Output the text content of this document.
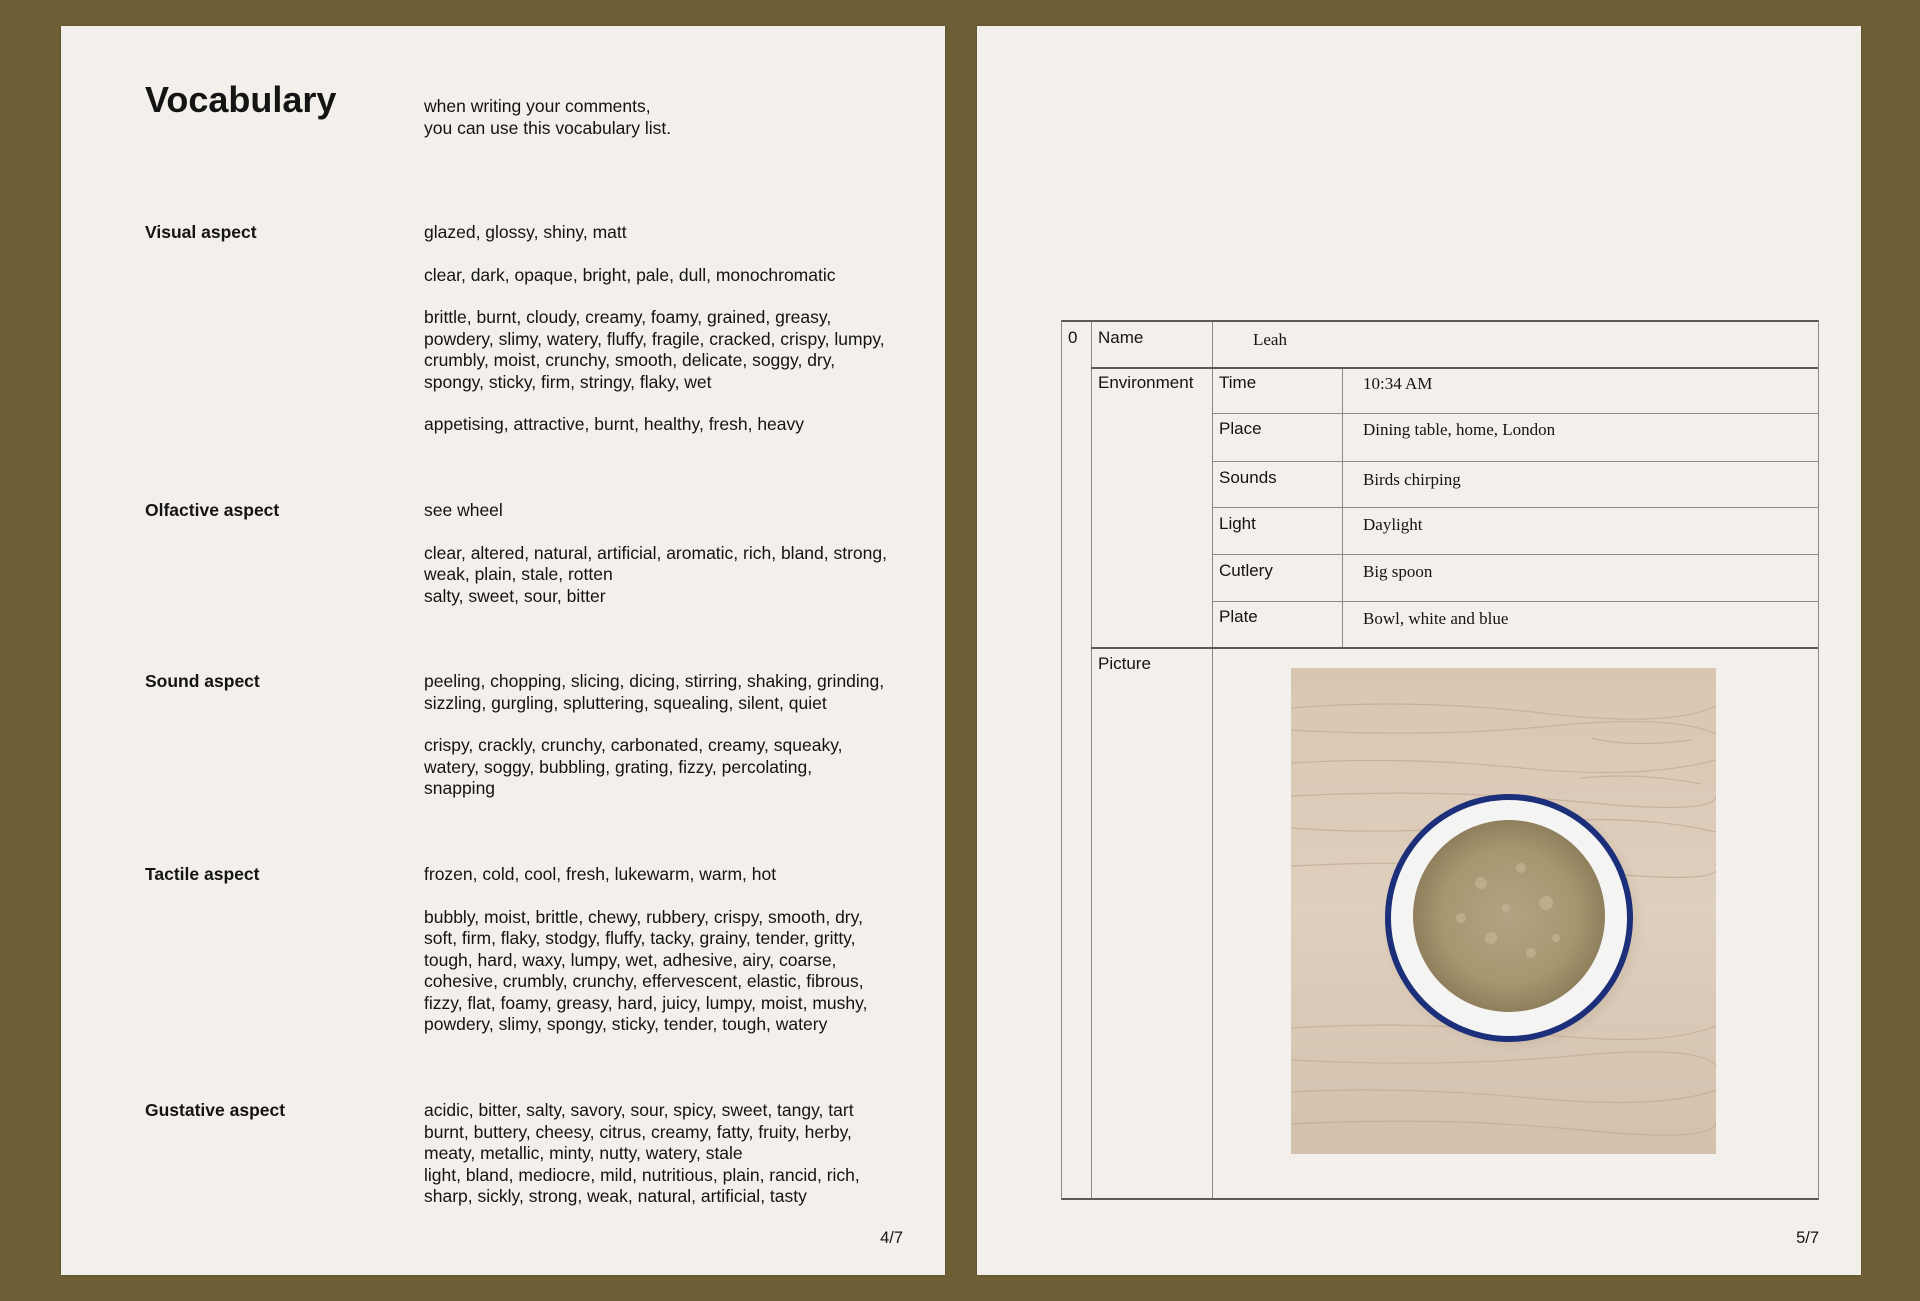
Vocabulary	when writing your comments,
you can use this vocabulary list.
Visual aspect	glazed, glossy, shiny, matt

clear, dark, opaque, bright, pale, dull, monochromatic

brittle, burnt, cloudy, creamy, foamy, grained, greasy,
powdery, slimy, watery, fluffy, fragile, cracked, crispy, lumpy,
crumbly, moist, crunchy, smooth, delicate, soggy, dry,
spongy, sticky, firm, stringy, flaky, wet

appetising, attractive, burnt, healthy, fresh, heavy

Olfactive aspect	see wheel

clear, altered, natural, artificial, aromatic, rich, bland, strong,
weak, plain, stale, rotten
salty, sweet, sour, bitter

Sound aspect	peeling, chopping, slicing, dicing, stirring, shaking, grinding,
sizzling, gurgling, spluttering, squealing, silent, quiet

crispy, crackly, crunchy, carbonated, creamy, squeaky,
watery, soggy, bubbling, grating, fizzy, percolating,
snapping

Tactile aspect	frozen, cold, cool, fresh, lukewarm, warm, hot

bubbly, moist, brittle, chewy, rubbery, crispy, smooth, dry,
soft, firm, flaky, stodgy, fluffy, tacky, grainy, tender, gritty,
tough, hard, waxy, lumpy, wet, adhesive, airy, coarse,
cohesive, crumbly, crunchy, effervescent, elastic, fibrous,
fizzy, flat, foamy, greasy, hard, juicy, lumpy, moist, mushy,
powdery, slimy, spongy, sticky, tender, tough, watery

Gustative aspect	acidic, bitter, salty, savory, sour, spicy, sweet, tangy, tart
burnt, buttery, cheesy, citrus, creamy, fatty, fruity, herby,
meaty, metallic, minty, nutty, watery, stale
light, bland, mediocre, mild, nutritious, plain, rancid, rich,
sharp, sickly, strong, weak, natural, artificial, tasty

4/7
0 Name	Leah
Environment Time	10:34 AM
Place	Dining table, home, London
Sounds	Birds chirping
Light	Daylight
Cutlery	Big spoon
Plate	Bowl, white and blue
Picture
5/7
